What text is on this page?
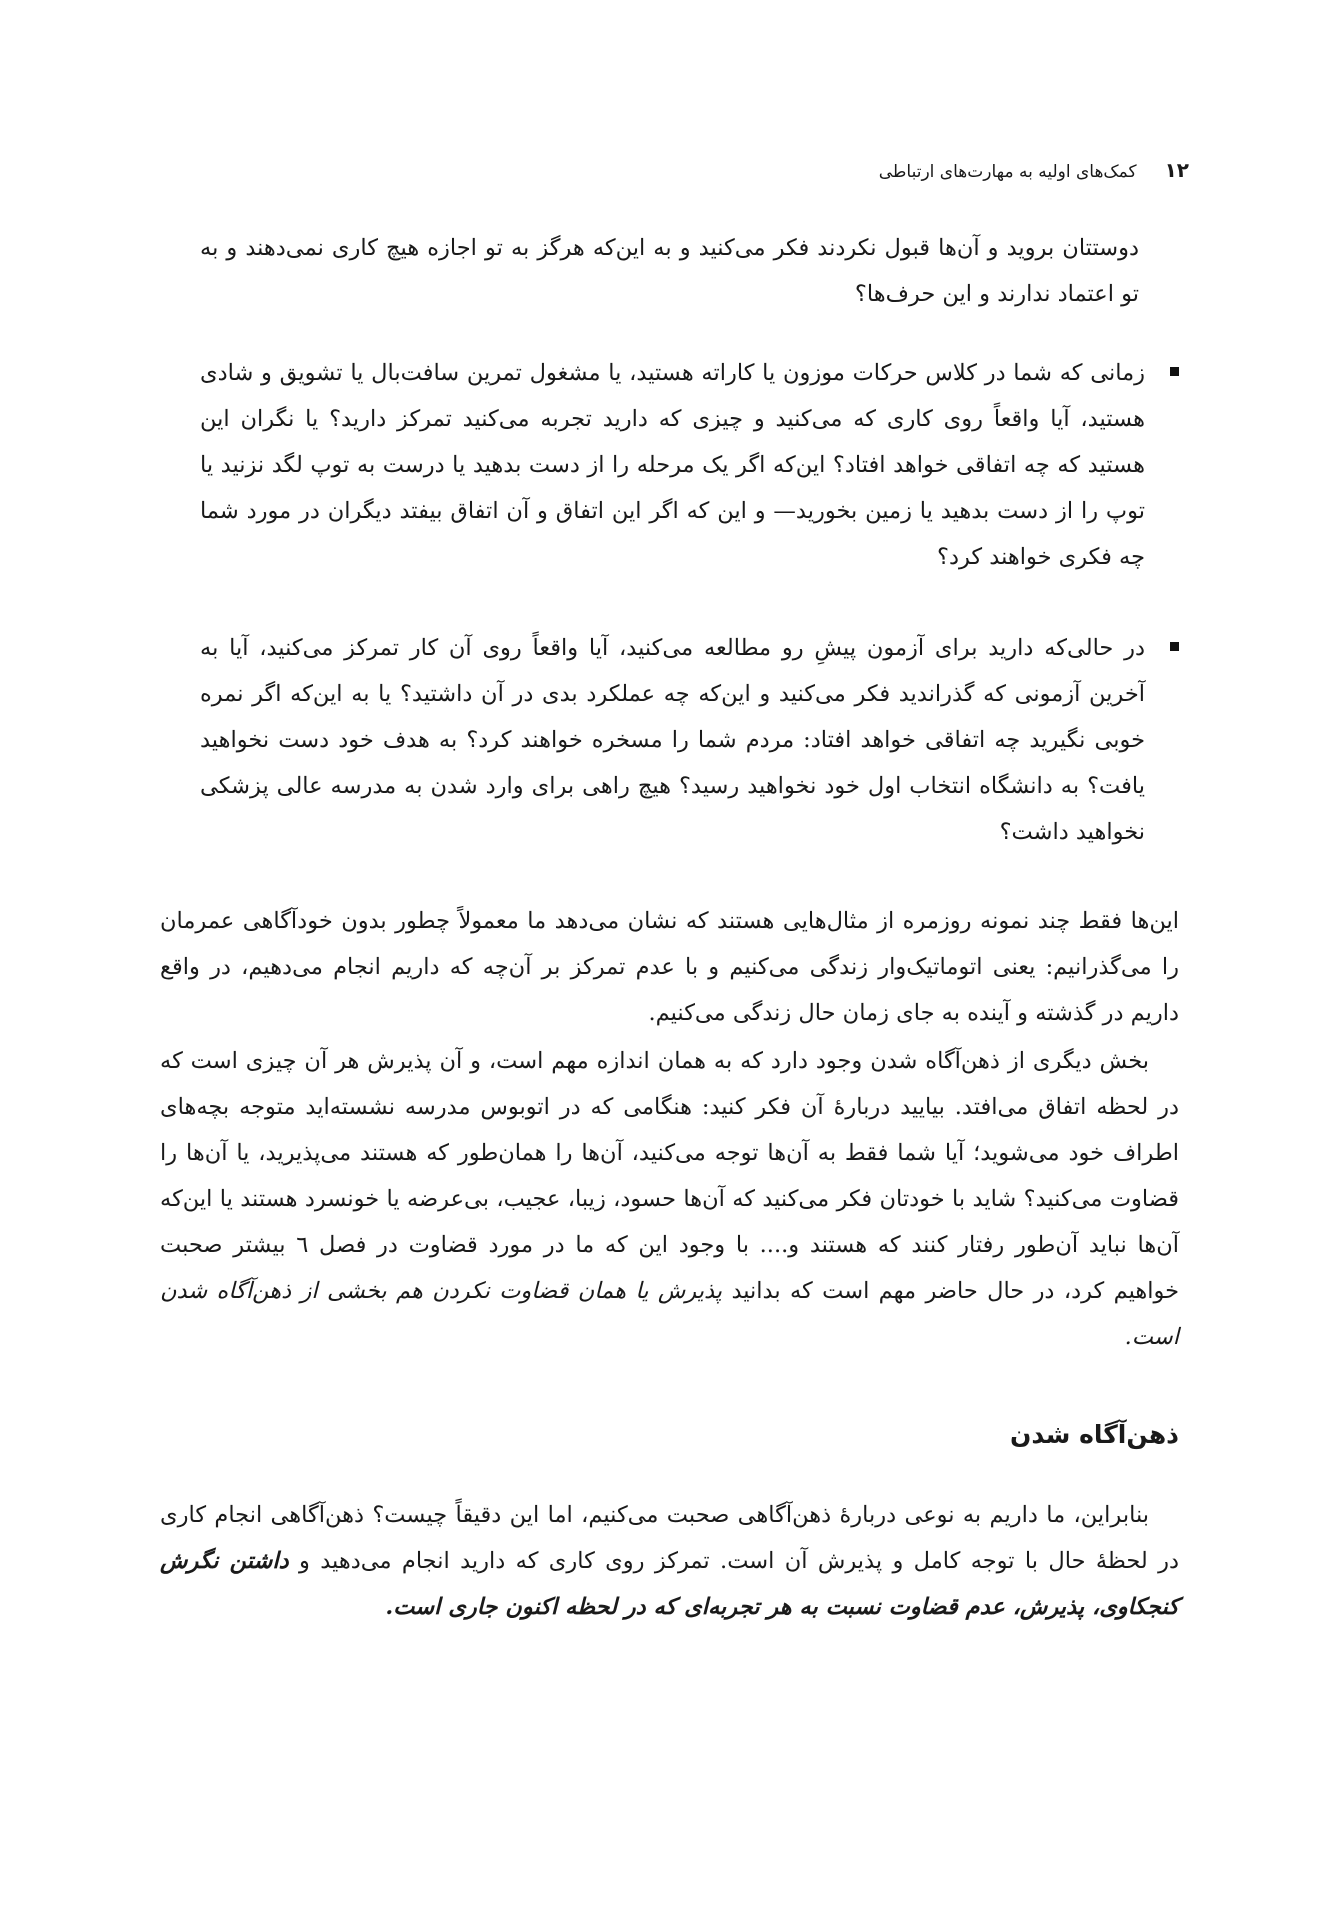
۱۲
کمک‌های اولیه به مهارت‌های ارتباطی
دوستتان بروید و آن‌ها قبول نکردند فکر می‌کنید و به این‌که هرگز به تو اجازه هیچ کاری نمی‌دهند و به تو اعتماد ندارند و این حرف‌ها؟
زمانی که شما در کلاس حرکات موزون یا کاراته هستید، یا مشغول تمرین سافت‌بال یا تشویق و شادی هستید، آیا واقعاً روی کاری که می‌کنید و چیزی که دارید تجربه می‌کنید تمرکز دارید؟ یا نگران این هستید که چه اتفاقی خواهد افتاد؟ این‌که اگر یک مرحله را از دست بدهید یا درست به توپ لگد نزنید یا توپ را از دست بدهید یا زمین بخورید— و این که اگر این اتفاق و آن اتفاق بیفتد دیگران در مورد شما چه فکری خواهند کرد؟
در حالی‌که دارید برای آزمون پیشِ رو مطالعه می‌کنید، آیا واقعاً روی آن کار تمرکز می‌کنید، آیا به آخرین آزمونی که گذراندید فکر می‌کنید و این‌که چه عملکرد بدی در آن داشتید؟ یا به این‌که اگر نمره خوبی نگیرید چه اتفاقی خواهد افتاد: مردم شما را مسخره خواهند کرد؟ به هدف خود دست نخواهید یافت؟ به دانشگاه انتخاب اول خود نخواهید رسید؟ هیچ راهی برای وارد شدن به مدرسه عالی پزشکی نخواهید داشت؟
این‌ها فقط چند نمونه روزمره از مثال‌هایی هستند که نشان می‌دهد ما معمولاً چطور بدون خودآگاهی عمرمان را می‌گذرانیم: یعنی اتوماتیک‌وار زندگی می‌کنیم و با عدم تمرکز بر آن‌چه که داریم انجام می‌دهیم، در واقع داریم در گذشته و آینده به جای زمان حال زندگی می‌کنیم.
بخش دیگری از ذهن‌آگاه شدن وجود دارد که به همان اندازه مهم است، و آن پذیرش هر آن چیزی است که در لحظه اتفاق می‌افتد. بیایید دربارهٔ آن فکر کنید: هنگامی که در اتوبوس مدرسه نشسته‌اید متوجه بچه‌های اطراف خود می‌شوید؛ آیا شما فقط به آن‌ها توجه می‌کنید، آن‌ها را همان‌طور که هستند می‌پذیرید، یا آن‌ها را قضاوت می‌کنید؟ شاید با خودتان فکر می‌کنید که آن‌ها حسود، زیبا، عجیب، بی‌عرضه یا خونسرد هستند یا این‌که آن‌ها نباید آن‌طور رفتار کنند که هستند و.... با وجود این که ما در مورد قضاوت در فصل ٦ بیشتر صحبت خواهیم کرد، در حال حاضر مهم است که بدانید پذیرش یا همان قضاوت نکردن هم بخشی از ذهن‌آگاه شدن است.
ذهن‌آگاه شدن
بنابراین، ما داریم به نوعی دربارهٔ ذهن‌آگاهی صحبت می‌کنیم، اما این دقیقاً چیست؟ ذهن‌آگاهی انجام کاری در لحظهٔ حال با توجه کامل و پذیرش آن است. تمرکز روی کاری که دارید انجام می‌دهید و داشتن نگرش کنجکاوی، پذیرش، عدم قضاوت نسبت به هر تجربه‌ای که در لحظه اکنون جاری است.
